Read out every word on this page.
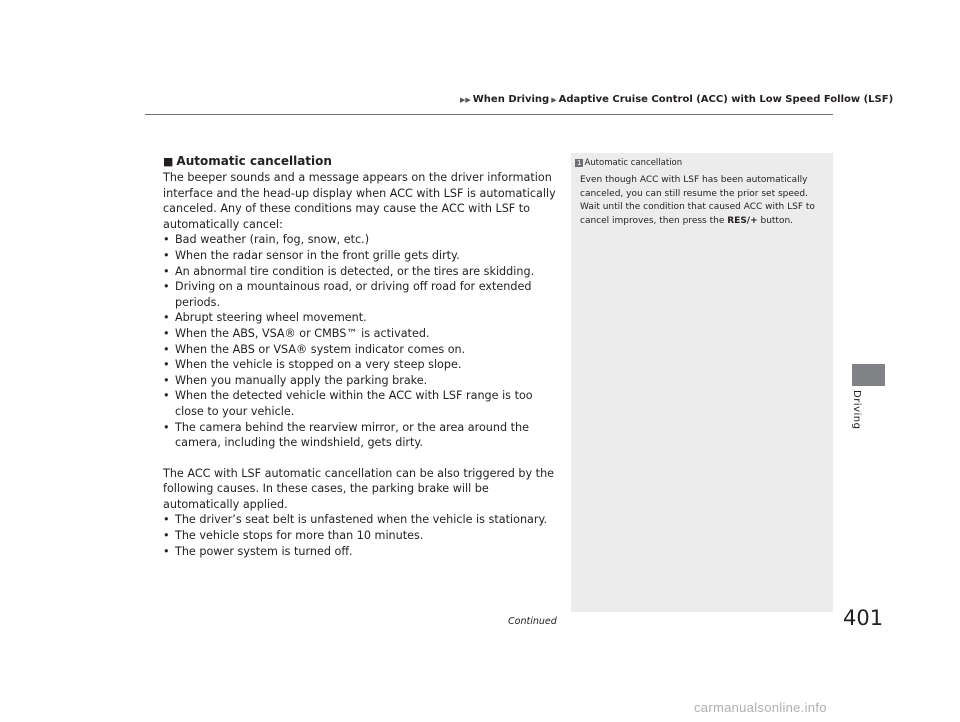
▶▶ When Driving ▶ Adaptive Cruise Control (ACC) with Low Speed Follow (LSF)
■ Automatic cancellation

The beeper sounds and a message appears on the driver information interface and the head-up display when ACC with LSF is automatically canceled. Any of these conditions may cause the ACC with LSF to automatically cancel:

• Bad weather (rain, fog, snow, etc.)
• When the radar sensor in the front grille gets dirty.
• An abnormal tire condition is detected, or the tires are skidding.
• Driving on a mountainous road, or driving off road for extended periods.
• Abrupt steering wheel movement.
• When the ABS, VSA® or CMBS™ is activated.
• When the ABS or VSA® system indicator comes on.
• When the vehicle is stopped on a very steep slope.
• When you manually apply the parking brake.
• When the detected vehicle within the ACC with LSF range is too close to your vehicle.
• The camera behind the rearview mirror, or the area around the camera, including the windshield, gets dirty.

The ACC with LSF automatic cancellation can be also triggered by the following causes. In these cases, the parking brake will be automatically applied.

• The driver’s seat belt is unfastened when the vehicle is stationary.
• The vehicle stops for more than 10 minutes.
• The power system is turned off.
1 Automatic cancellation
Even though ACC with LSF has been automatically canceled, you can still resume the prior set speed. Wait until the condition that caused ACC with LSF to cancel improves, then press the RES/+ button.
Driving
Continued	401
carmanualsonline.info
